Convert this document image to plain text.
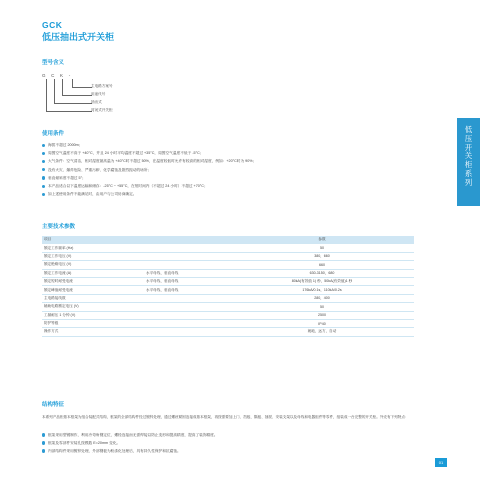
GCK
低压抽出式开关柜
型号含义
G C K -
主电路方案号
用途代号
抽出式
封闭式开关柜
使用条件
海拔不超过 2000m；
周围空气温度不高于 +40°C，并且 24 小时平均温度不超过 +35°C，周围空气温度不低于 -5°C；
大气条件：空气清洁，相对湿度最高温为 +40°C时不超过 50%，在温度较低时允许有较高的相对湿度，例如：+20°C时为 90%；
没有火灾、爆炸危险、严重污秽、化学腐蚀及剧烈振动的场所；
垂直倾斜度不超过 5°；
本产品适合以下温度运输和储存：-25°C ~ +55°C，在短时间内（不超过 24 小时）不超过 +70°C；
如上述使用条件不能满足时，由用户与公司协商确定。
主要技术参数
项目		参数
额定工作频率 (Hz)		50
额定工作电压 (V)		380，660
额定绝缘电压 (V)		660
额定工作电流 (A)	水平母线、垂直母线	630-3150，680
额定短时耐受电流	水平母线、垂直母线	80kA(有效值 1) 秒，50kA(有效值)1 秒
额定峰值耐受电流	水平母线、垂直母线	176kA/0.1s，110kA/0.2s
主电路接线数		280，400
辅助电路额定电压 (V)		50
工频耐压 1 分钟 (V)		2500
防护等级		IP40
操作方式		就地，远方，自动
结构特征

本系列产品柜基本框架为组合装配式结构，框架的全部结构件经过镀锌处理，通过螺丝紧固连接成基本框架，再按需要加上门、挡板、隔板、抽屉、安装支架以及母线和电器组件等零件，组装成一台完整的开关柜。外壳有下列特点：

框架采用型钢制作，利用冷弯角钢定位，螺栓连接而无需焊接以防止变形和提高精度，提高了装饰精度。
框架及零部件安装孔按模数 E=20mm 变化。
内部结构件采用镀锌处理，外部钢板为粉漆化处理后，具有持久性保护和抗腐蚀。
低
压
开
关
柜
系
列
01
